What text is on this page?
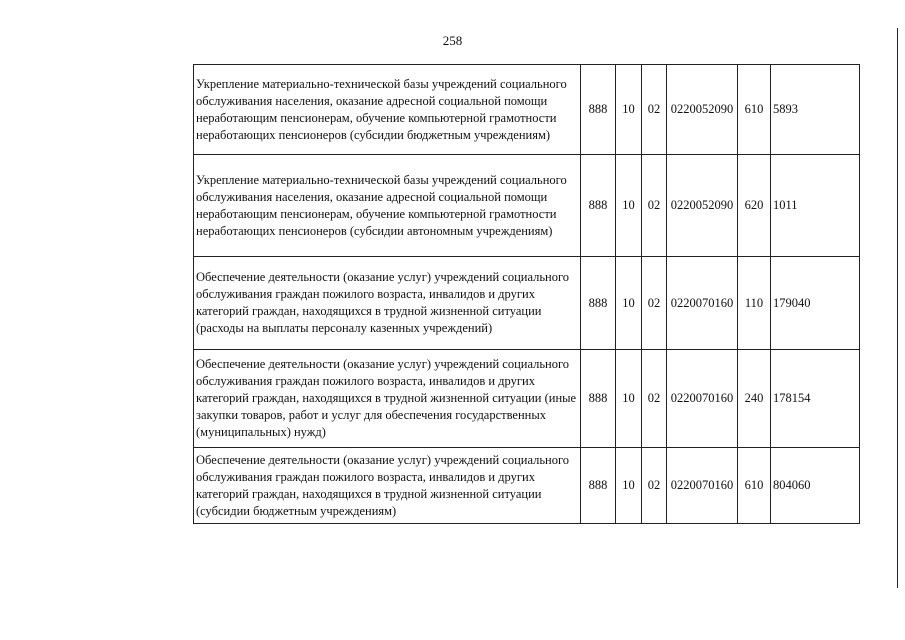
258
Укрепление материально-технической базы учреждений социального обслуживания населения, оказание адресной социальной помощи неработающим пенсионерам, обучение компьютерной грамотности неработающих пенсионеров (субсидии бюджетным учреждениям)	888	10	02	0220052090	610	5893
Укрепление материально-технической базы учреждений социального обслуживания населения, оказание адресной социальной помощи неработающим пенсионерам, обучение компьютерной грамотности неработающих пенсионеров (субсидии автономным учреждениям)	888	10	02	0220052090	620	1011
Обеспечение деятельности (оказание услуг) учреждений социального обслуживания граждан пожилого возраста, инвалидов и других категорий граждан, находящихся в трудной жизненной ситуации (расходы на выплаты персоналу казенных учреждений)	888	10	02	0220070160	110	179040
Обеспечение деятельности (оказание услуг) учреждений социального обслуживания граждан пожилого возраста, инвалидов и других категорий граждан, находящихся в трудной жизненной ситуации (иные закупки товаров, работ и услуг для обеспечения государственных (муниципальных) нужд)	888	10	02	0220070160	240	178154
Обеспечение деятельности (оказание услуг) учреждений социального обслуживания граждан пожилого возраста, инвалидов и других категорий граждан, находящихся в трудной жизненной ситуации (субсидии бюджетным учреждениям)	888	10	02	0220070160	610	804060
